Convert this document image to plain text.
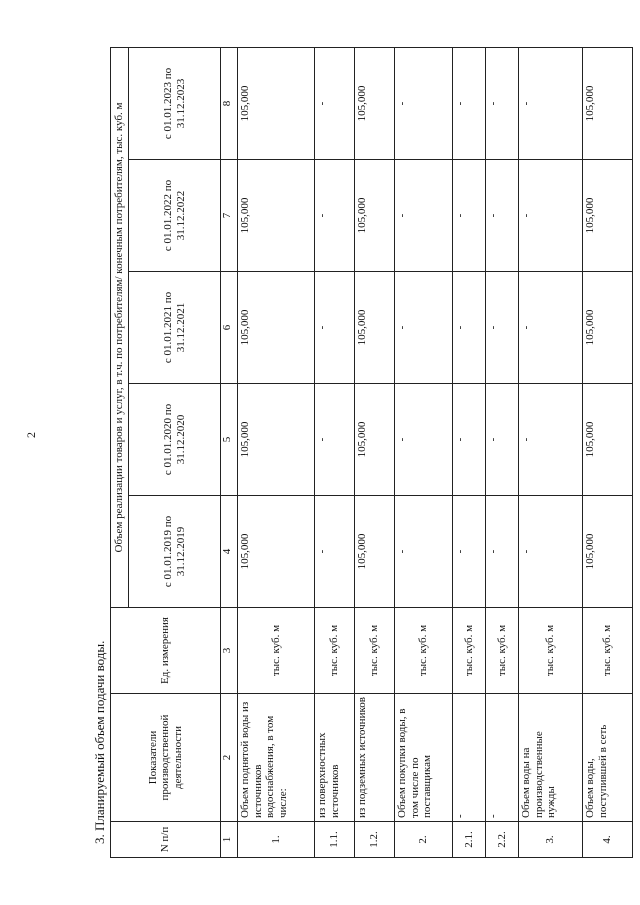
2
3. Планируемый объем подачи воды.	N п/п	Показатели производственной деятельности	Ед. измерения	Объем реализации товаров и услуг, в т.ч. по потребителям/ конечным потребителям, тыс. куб. м				
			с 01.01.2019 по 31.12.2019	с 01.01.2020 по 31.12.2020	с 01.01.2021 по 31.12.2021	с 01.01.2022 по 31.12.2022	с 01.01.2023 по 31.12.2023
1	2	3	4	5	6	7	8
1.	Объем поднятой воды из источников водоснабжения, в том числе:	тыс. куб. м	105,000	105,000	105,000	105,000	105,000
1.1.	из поверхностных источников	тыс. куб. м	-	-	-	-	-
1.2.	из подземных источников	тыс. куб. м	105,000	105,000	105,000	105,000	105,000
2.	Объем покупки воды, в том числе по поставщикам	тыс. куб. м	-	-	-	-	-
2.1.	-	тыс. куб. м	-	-	-	-	-
2.2.	-	тыс. куб. м	-	-	-	-	-
3.	Объем воды на производственные нужды	тыс. куб. м	-	-	-	-	-
4.	Объем воды, поступившей в сеть	тыс. куб. м	105,000	105,000	105,000	105,000	105,000
